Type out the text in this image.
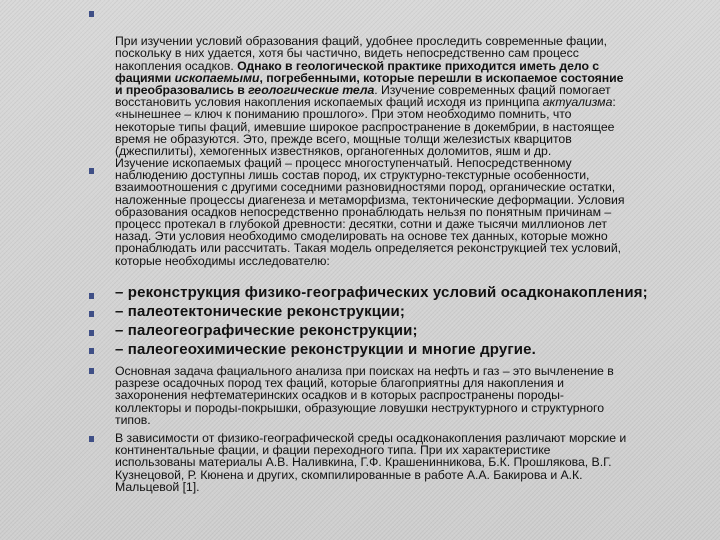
При изучении условий образования фаций, удобнее проследить современные фации,
поскольку в них удается, хотя бы частично, видеть непосредственно сам процесс
накопления осадков. Однако в геологической практике приходится иметь дело с
фациями ископаемыми, погребенными, которые перешли в ископаемое состояние
и преобразовались в геологические тела. Изучение современных фаций помогает
восстановить условия накопления ископаемых фаций исходя из принципа актуализма:
«нынешнее – ключ к пониманию прошлого». При этом необходимо помнить, что
некоторые типы фаций, имевшие широкое распространение в докембрии, в настоящее
время не образуются. Это, прежде всего, мощные толщи железистых кварцитов
(джеспилиты), хемогенных известняков, органогенных доломитов, яшм и др.

Изучение ископаемых фаций – процесс многоступенчатый. Непосредственному
наблюдению доступны лишь состав пород, их структурно-текстурные особенности,
взаимоотношения с другими соседними разновидностями пород, органические остатки,
наложенные процессы диагенеза и метаморфизма, тектонические деформации. Условия
образования осадков непосредственно пронаблюдать нельзя по понятным причинам –
процесс протекал в глубокой древности: десятки, сотни и даже тысячи миллионов лет
назад. Эти условия необходимо смоделировать на основе тех данных, которые можно
пронаблюдать или рассчитать. Такая модель определяется реконструкцией тех условий,
которые необходимы исследователю:
– реконструкция физико-географических условий осадконакопления;
– палеотектонические реконструкции;
– палеогеографические реконструкции;
– палеогеохимические реконструкции и многие другие.
Основная задача фациального анализа при поисках на нефть и газ – это вычленение в
разрезе осадочных пород тех фаций, которые благоприятны для накопления и
захоронения нефтематеринских осадков и в которых распространены породы-
коллекторы и породы-покрышки, образующие ловушки неструктурного и структурного
типов.
В зависимости от физико-географической среды осадконакопления различают морские и
континентальные фации, и фации переходного типа. При их характеристике
использованы материалы А.В. Наливкина, Г.Ф. Крашенинникова, Б.К. Прошлякова, В.Г.
Кузнецовой, Р. Кюнена и других, скомпилированные в работе А.А. Бакирова и А.К.
Мальцевой [1].
